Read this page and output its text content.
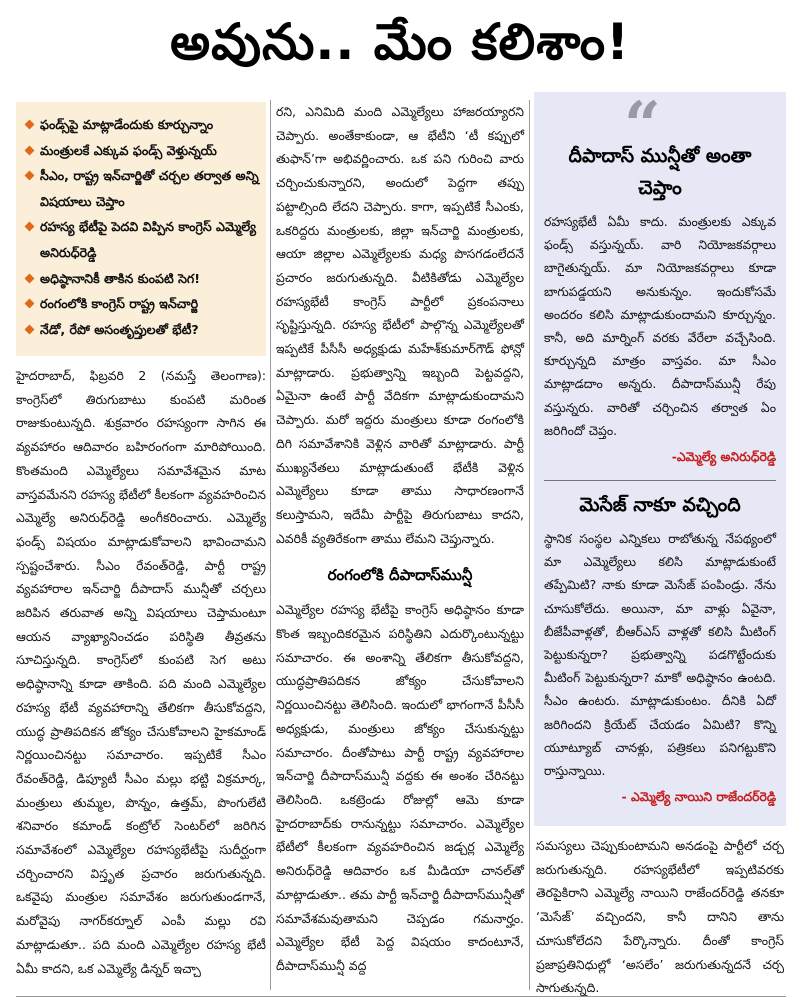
అవును.. మేం కలిశాం!
ఫండ్స్‌పై మాట్లాడేందుకు కూర్చున్నాం
మంత్రులకే ఎక్కువ ఫండ్స్ వెళ్తున్నయ్
సీఎం, రాష్ట్ర ఇన్‌చార్జితో చర్చల తర్వాత అన్ని విషయాలు చెప్తాం
రహస్య భేటీపై పెదవి విప్పిన కాంగ్రెస్ ఎమ్మెల్యే అనిరుధ్‌రెడ్డి
అధిష్ఠానానికీ తాకిన కుంపటి సెగ!
రంగంలోకి కాంగ్రెస్ రాష్ట్ర ఇన్‌చార్జి
నేడో, రేపో అసంతృప్తులతో భేటీ?

హైదరాబాద్, ఫిబ్రవరి 2 (నమస్తే తెలంగాణ): కాంగ్రెస్‌లో తిరుగుబాటు కుంపటి మరింత రాజుకుంటున్నది. శుక్రవారం రహస్యంగా సాగిన ఈ వ్యవహారం ఆదివారం బహిరంగంగా మారిపోయింది. కొంతమంది ఎమ్మెల్యేలు సమావేశమైన మాట వాస్తవమేనని రహస్య భేటీలో కీలకంగా వ్యవహరించిన ఎమ్మెల్యే అనిరుధ్‌రెడ్డి అంగీకరించారు. ఎమ్మెల్యే ఫండ్స్ విషయం మాట్లాడుకోవాలని భావించామని స్పష్టంచేశారు. సీఎం రేవంత్‌రెడ్డి, పార్టీ రాష్ట్ర వ్యవహారాల ఇన్‌చార్జి దీపాదాస్ మున్షీతో చర్చలు జరిపిన తరువాత అన్ని విషయాలు చెప్తామంటూ ఆయన వ్యాఖ్యానించడం పరిస్థితి తీవ్రతను సూచిస్తున్నది. కాంగ్రెస్‌లో కుంపటి సెగ అటు అధిష్ఠానాన్ని కూడా తాకింది. పది మంది ఎమ్మెల్యేల రహస్య భేటీ వ్యవహారాన్ని తేలికగా తీసుకోవద్దని, యుద్ధ ప్రాతిపదికన జోక్యం చేసుకోవాలని హైకమాండ్ నిర్ణయించినట్టు సమాచారం. ఇప్పటికే సీఎం రేవంత్‌రెడ్డి, డిప్యూటీ సీఎం మల్లు భట్టి విక్రమార్క, మంత్రులు తుమ్మల, పొన్నం, ఉత్తమ్, పొంగులేటి శనివారం కమాండ్ కంట్రోల్ సెంటర్‌లో జరిగిన సమావేశంలో ఎమ్మెల్యేల రహస్యభేటీపై సుదీర్ఘంగా చర్చించారని విస్తృత ప్రచారం జరుగుతున్నది. ఒకవైపు మంత్రుల సమావేశం జరుగుతుండగానే, మరోవైపు నాగర్‌కర్నూల్ ఎంపీ మల్లు రవి మాట్లాడుతూ.. పది మంది ఎమ్మెల్యేల రహస్య భేటీ ఏమీ కాదని, ఒక ఎమ్మెల్యే డిన్నర్ ఇచ్చా

రని, ఎనిమిది మంది ఎమ్మెల్యేలు హాజరయ్యారని చెప్పారు. అంతేకాకుండా, ఆ భేటీని ‘టీ కప్పులో తుఫాన్’గా అభివర్ణించారు. ఒక పని గురించి వారు చర్చించుకున్నారని, అందులో పెద్దగా తప్పు పట్టాల్సింది లేదని చెప్పారు. కాగా, ఇప్పటికే సీఎంకు, ఒకరిద్దరు మంత్రులకు, జిల్లా ఇన్‌చార్జి మంత్రులకు, ఆయా జిల్లాల ఎమ్మెల్యేలకు మధ్య పొసగడంలేదనే ప్రచారం జరుగుతున్నది. వీటికితోడు ఎమ్మెల్యేల రహస్యభేటీ కాంగ్రెస్ పార్టీలో ప్రకంపనాలు సృష్టిస్తున్నది. రహస్య భేటీలో పాల్గొన్న ఎమ్మెల్యేలతో ఇప్పటికే పీసీసీ అధ్యక్షుడు మహేశ్‌కుమార్‌గౌడ్ ఫోన్లో మాట్లాడారు. ప్రభుత్వాన్ని ఇబ్బంది పెట్టవద్దని, ఏమైనా ఉంటే పార్టీ వేదికగా మాట్లాడుకుందామని చెప్పారు. మరో ఇద్దరు మంత్రులు కూడా రంగంలోకి దిగి సమావేశానికి వెళ్లిన వారితో మాట్లాడారు. పార్టీ ముఖ్యనేతలు మాట్లాడుతుంటే భేటీకి వెళ్లిన ఎమ్మెల్యేలు కూడా తాము సాధారణంగానే కలుస్తామని, ఇదేమీ పార్టీపై తిరుగుబాటు కాదని, ఎవరికీ వ్యతిరేకంగా తాము లేమని చెప్తున్నారు.

రంగంలోకి దీపాదాస్‌మున్షీ

ఎమ్మెల్యేల రహస్య భేటీపై కాంగ్రెస్ అధిష్ఠానం కూడా కొంత ఇబ్బందికరమైన పరిస్థితిని ఎదుర్కొంటున్నట్టు సమాచారం. ఈ అంశాన్ని తేలికగా తీసుకోవద్దని, యుద్ధప్రాతిపదికన జోక్యం చేసుకోవాలని నిర్ణయించినట్టు తెలిసింది. ఇందులో భాగంగానే పీసీసీ అధ్యక్షుడు, మంత్రులు జోక్యం చేసుకున్నట్టు సమాచారం. దీంతోపాటు పార్టీ రాష్ట్ర వ్యవహారాల ఇన్‌చార్జి దీపాదాస్‌మున్షీ వద్దకు ఈ అంశం చేరినట్టు తెలిసింది. ఒకట్రెండు రోజుల్లో ఆమె కూడా హైదరాబాద్‌కు రానున్నట్టు సమాచారం. ఎమ్మెల్యేల భేటీలో కీలకంగా వ్యవహరించిన జడ్చర్ల ఎమ్మెల్యే అనిరుధ్‌రెడ్డి ఆదివారం ఒక మీడియా చానల్‌తో మాట్లాడుతూ.. తమ పార్టీ ఇన్‌చార్జి దీపాదాస్‌మున్షీతో సమావేశమవుతామని చెప్పడం గమనార్హం. ఎమ్మెల్యేల భేటీ పెద్ద విషయం కాదంటూనే, దీపాదాస్‌మున్షీ వద్ద

“
దీపాదాస్ మున్షీతో అంతా చెప్తాం

రహస్యభేటీ ఏమీ కాదు. మంత్రులకు ఎక్కువ ఫండ్స్ వస్తున్నయ్. వారి నియోజకవర్గాలు బాగైతున్నయ్. మా నియోజకవర్గాలు కూడా బాగుపడ్డయని అనుకున్నం. ఇందుకోసమే అందరం కలిసి మాట్లాడుకుందామని కూర్చున్నం. కానీ, అది మార్నింగ్ వరకు వేరేలా వచ్చేసింది. కూర్చున్నది మాత్రం వాస్తవం. మా సీఎం మాట్లాడదాం అన్నరు. దీపాదాస్‌మున్షీ రేపు వస్తున్నరు. వారితో చర్చించిన తర్వాత ఏం జరిగిందో చెప్తం.

-ఎమ్మెల్యే అనిరుధ్‌రెడ్డి
మెసేజ్ నాకూ వచ్చింది

స్థానిక సంస్థల ఎన్నికలు రాబోతున్న నేపథ్యంలో మా ఎమ్మెల్యేలు కలిసి మాట్లాడుకుంటే తప్పేమిటి? నాకు కూడా మెసేజ్ పంపిండ్రు. నేను చూసుకోలేదు. అయినా, మా వాళ్లు ఏవైనా, బీజేపీవాళ్లతో, బీఆర్‌ఎస్ వాళ్లతో కలిసి మీటింగ్ పెట్టుకున్నరా? ప్రభుత్వాన్ని పడగొట్టేందుకు మీటింగ్ పెట్టుకున్నరా? మాకో అధిష్ఠానం ఉంటది. సీఎం ఉంటరు. మాట్లాడుకుంటం. దీనికి ఏదో జరిగిందని క్రియేట్ చేయడం ఏమిటి? కొన్ని యూట్యూబ్ చానళ్లు, పత్రికలు పనిగట్టుకొని రాస్తున్నాయి.

- ఎమ్మెల్యే నాయిని రాజేందర్‌రెడ్డి

సమస్యలు చెప్పుకుంటామని అనడంపై పార్టీలో చర్చ జరుగుతున్నది. రహస్యభేటీలో ఇప్పటివరకు తెరపైకిరాని ఎమ్మెల్యే నాయిని రాజేందర్‌రెడ్డి తనకూ ‘మెసేజ్’ వచ్చిందని, కానీ దానిని తాను చూసుకోలేదని పేర్కొన్నారు. దీంతో కాంగ్రెస్ ప్రజాప్రతినిధుల్లో ‘అసలేం’ జరుగుతున్నదనే చర్చ సాగుతున్నది.
